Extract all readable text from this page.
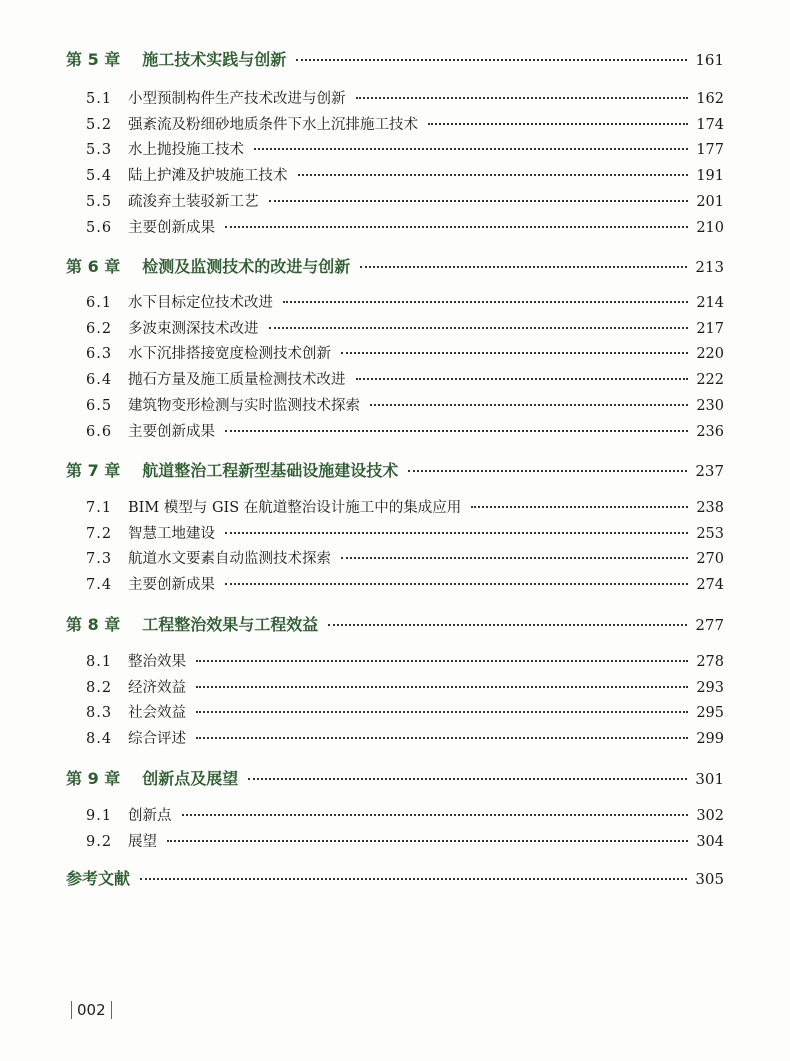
第 5 章 施工技术实践与创新	161
5.1	小型预制构件生产技术改进与创新	162
5.2	强紊流及粉细砂地质条件下水上沉排施工技术	174
5.3	水上抛投施工技术	177
5.4	陆上护滩及护坡施工技术	191
5.5	疏浚弃土装驳新工艺	201
5.6	主要创新成果	210
第 6 章 检测及监测技术的改进与创新	213
6.1	水下目标定位技术改进	214
6.2	多波束测深技术改进	217
6.3	水下沉排搭接宽度检测技术创新	220
6.4	抛石方量及施工质量检测技术改进	222
6.5	建筑物变形检测与实时监测技术探索	230
6.6	主要创新成果	236
第 7 章 航道整治工程新型基础设施建设技术	237
7.1	BIM 模型与 GIS 在航道整治设计施工中的集成应用	238
7.2	智慧工地建设	253
7.3	航道水文要素自动监测技术探索	270
7.4	主要创新成果	274
第 8 章 工程整治效果与工程效益	277
8.1	整治效果	278
8.2	经济效益	293
8.3	社会效益	295
8.4	综合评述	299
第 9 章 创新点及展望	301
9.1	创新点	302
9.2	展望	304
参考文献	305
002
